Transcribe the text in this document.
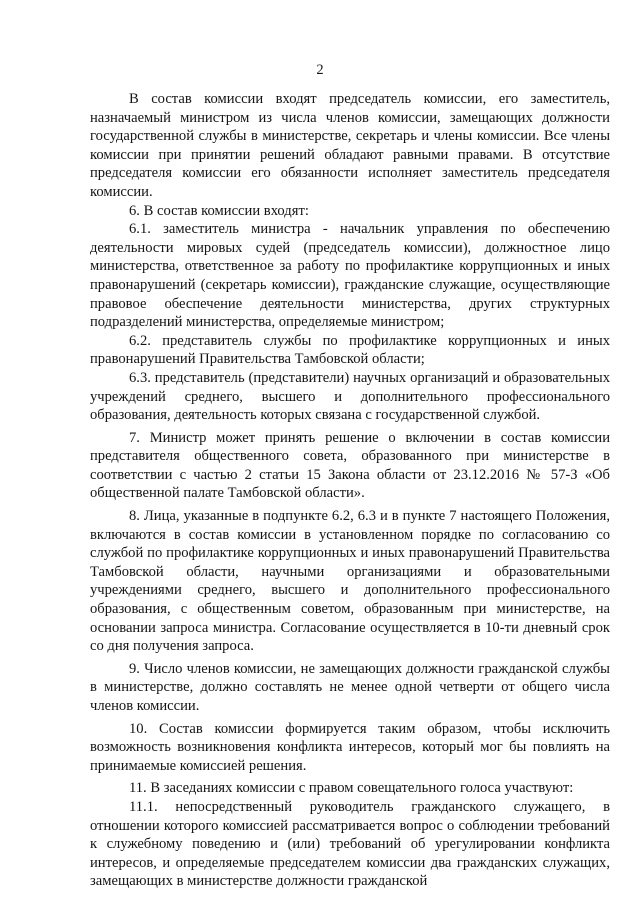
2

В состав комиссии входят председатель комиссии, его заместитель, назначаемый министром из числа членов комиссии, замещающих должности государственной службы в министерстве, секретарь и члены комиссии. Все члены комиссии при принятии решений обладают равными правами. В отсутствие председателя комиссии его обязанности исполняет заместитель председателя комиссии.

6. В состав комиссии входят:

6.1. заместитель министра - начальник управления по обеспечению деятельности мировых судей (председатель комиссии), должностное лицо министерства, ответственное за работу по профилактике коррупционных и иных правонарушений (секретарь комиссии), гражданские служащие, осуществляющие правовое обеспечение деятельности министерства, других структурных подразделений министерства, определяемые министром;

6.2. представитель службы по профилактике коррупционных и иных правонарушений Правительства Тамбовской области;

6.3. представитель (представители) научных организаций и образовательных учреждений среднего, высшего и дополнительного профессионального образования, деятельность которых связана с государственной службой.

7. Министр может принять решение о включении в состав комиссии представителя общественного совета, образованного при министерстве в соответствии с частью 2 статьи 15 Закона области от 23.12.2016 № 57-З «Об общественной палате Тамбовской области».

8. Лица, указанные в подпункте 6.2, 6.3 и в пункте 7 настоящего Положения, включаются в состав комиссии в установленном порядке по согласованию со службой по профилактике коррупционных и иных правонарушений Правительства Тамбовской области, научными организациями и образовательными учреждениями среднего, высшего и дополнительного профессионального образования, с общественным советом, образованным при министерстве, на основании запроса министра. Согласование осуществляется в 10-ти дневный срок со дня получения запроса.

9. Число членов комиссии, не замещающих должности гражданской службы в министерстве, должно составлять не менее одной четверти от общего числа членов комиссии.

10. Состав комиссии формируется таким образом, чтобы исключить возможность возникновения конфликта интересов, который мог бы повлиять на принимаемые комиссией решения.

11. В заседаниях комиссии с правом совещательного голоса участвуют:

11.1. непосредственный руководитель гражданского служащего, в отношении которого комиссией рассматривается вопрос о соблюдении требований к служебному поведению и (или) требований об урегулировании конфликта интересов, и определяемые председателем комиссии два гражданских служащих, замещающих в министерстве должности гражданской
